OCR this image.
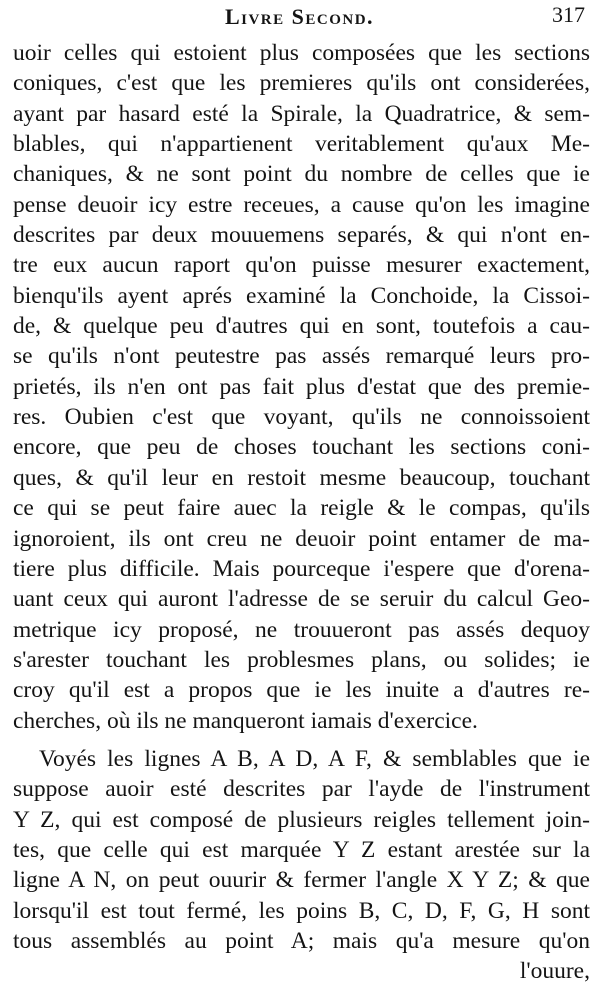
Livre Second.	317
uoir celles qui estoient plus composées que les sections
coniques, c'est que les premieres qu'ils ont considerées,
ayant par hasard esté la Spirale, la Quadratrice, & sem-
blables, qui n'appartienent veritablement qu'aux Me-
chaniques, & ne sont point du nombre de celles que ie
pense deuoir icy estre receues, a cause qu'on les imagine
descrites par deux mouuemens separés, & qui n'ont en-
tre eux aucun raport qu'on puisse mesurer exactement,
bienqu'ils ayent aprés examiné la Conchoide, la Cissoi-
de, & quelque peu d'autres qui en sont, toutefois a cau-
se qu'ils n'ont peutestre pas assés remarqué leurs pro-
prietés, ils n'en ont pas fait plus d'estat que des premie-
res. Oubien c'est que voyant, qu'ils ne connoissoient
encore, que peu de choses touchant les sections coni-
ques, & qu'il leur en restoit mesme beaucoup, touchant
ce qui se peut faire auec la reigle & le compas, qu'ils
ignoroient, ils ont creu ne deuoir point entamer de ma-
tiere plus difficile. Mais pourceque i'espere que d'orena-
uant ceux qui auront l'adresse de se seruir du calcul Geo-
metrique icy proposé, ne trouueront pas assés dequoy
s'arester touchant les problesmes plans, ou solides; ie
croy qu'il est a propos que ie les inuite a d'autres re-
cherches, où ils ne manqueront iamais d'exercice.
Voyés les lignes A B, A D, A F, & semblables que ie
suppose auoir esté descrites par l'ayde de l'instrument
Y Z, qui est composé de plusieurs reigles tellement join-
tes, que celle qui est marquée Y Z estant arestée sur la
ligne A N, on peut ouurir & fermer l'angle X Y Z; & que
lorsqu'il est tout fermé, les poins B, C, D, F, G, H sont
tous assemblés au point A; mais qu'a mesure qu'on
l'ouure,
